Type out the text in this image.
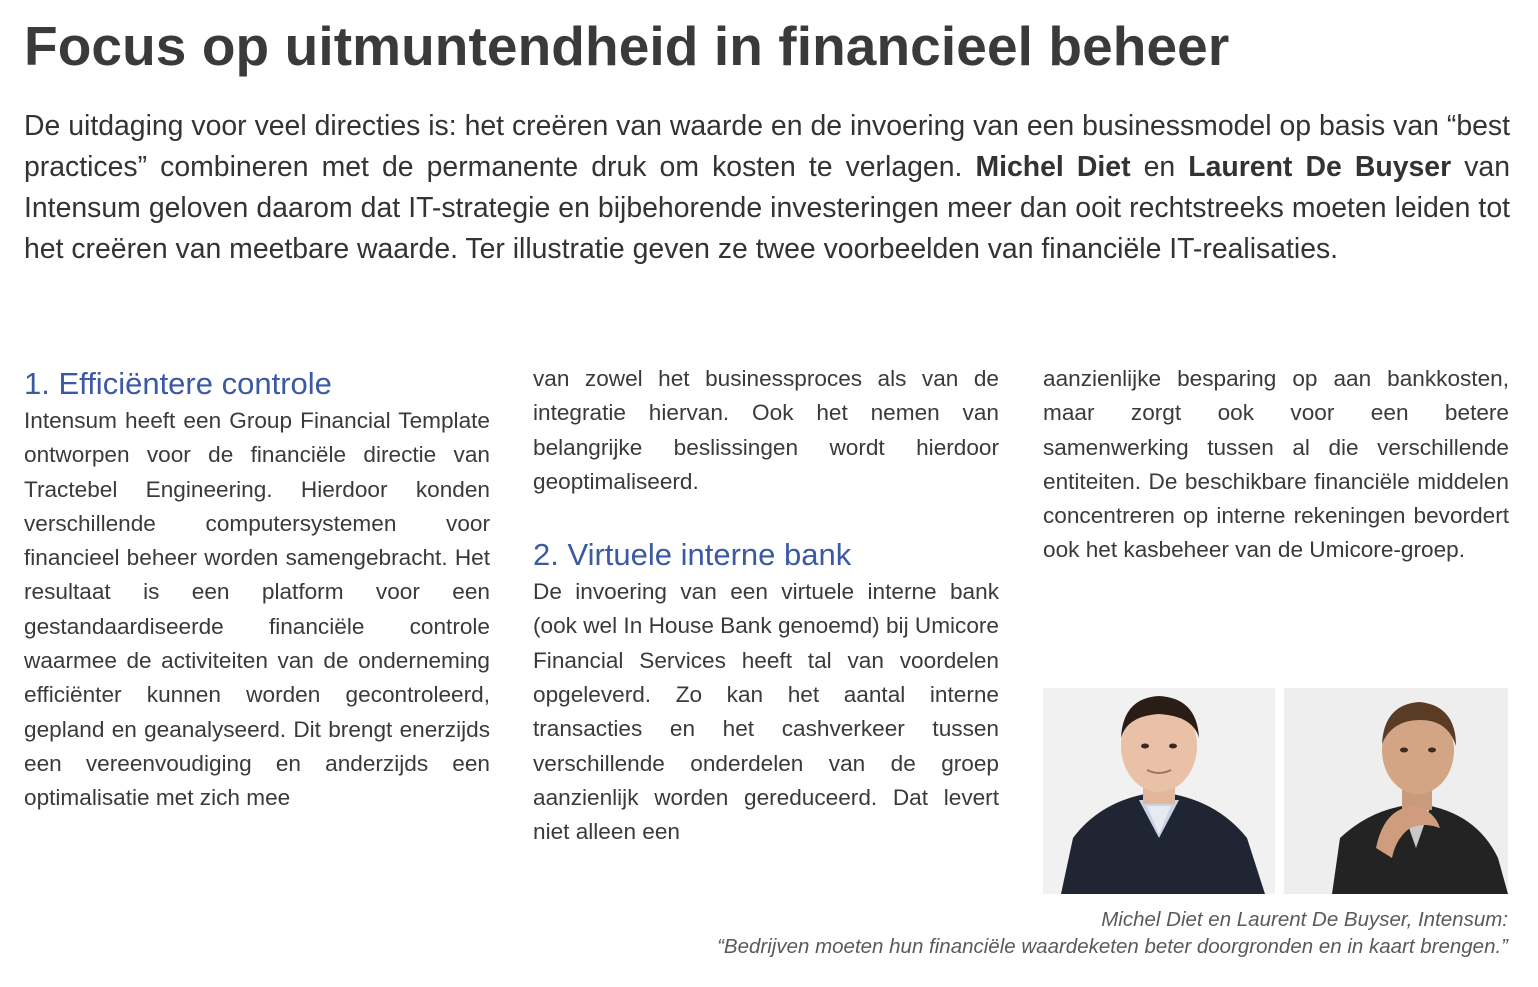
Focus op uitmuntendheid in financieel beheer

De uitdaging voor veel directies is: het creëren van waarde en de invoering van een businessmodel op basis van “best practices” combineren met de permanente druk om kosten te verlagen. Michel Diet en Laurent De Buyser van Intensum geloven daarom dat IT-strategie en bijbehorende investeringen meer dan ooit rechtstreeks moeten leiden tot het creëren van meetbare waarde. Ter illustratie geven ze twee voorbeelden van financiële IT-realisaties.

1. Efficiëntere controle

Intensum heeft een Group Financial Template ontworpen voor de financiële directie van Tractebel Engineering. Hierdoor konden verschillende computersystemen voor financieel beheer worden samengebracht. Het resultaat is een platform voor een gestandaardiseerde financiële controle waarmee de activiteiten van de onderneming efficiënter kunnen worden gecontroleerd, gepland en geanalyseerd. Dit brengt enerzijds een vereenvoudiging en anderzijds een optimalisatie met zich mee

van zowel het businessproces als van de integratie hiervan. Ook het nemen van belangrijke beslissingen wordt hierdoor geoptimaliseerd.

2. Virtuele interne bank

De invoering van een virtuele interne bank (ook wel In House Bank genoemd) bij Umicore Financial Services heeft tal van voordelen opgeleverd. Zo kan het aantal interne transacties en het cashverkeer tussen verschillende onderdelen van de groep aanzienlijk worden gereduceerd. Dat levert niet alleen een

aanzienlijke besparing op aan bankkosten, maar zorgt ook voor een betere samenwerking tussen al die verschillende entiteiten. De beschikbare financiële middelen concentreren op interne rekeningen bevordert ook het kasbeheer van de Umicore-groep.

Michel Diet en Laurent De Buyser, Intensum:
“Bedrijven moeten hun financiële waardeketen beter doorgronden en in kaart brengen.”
